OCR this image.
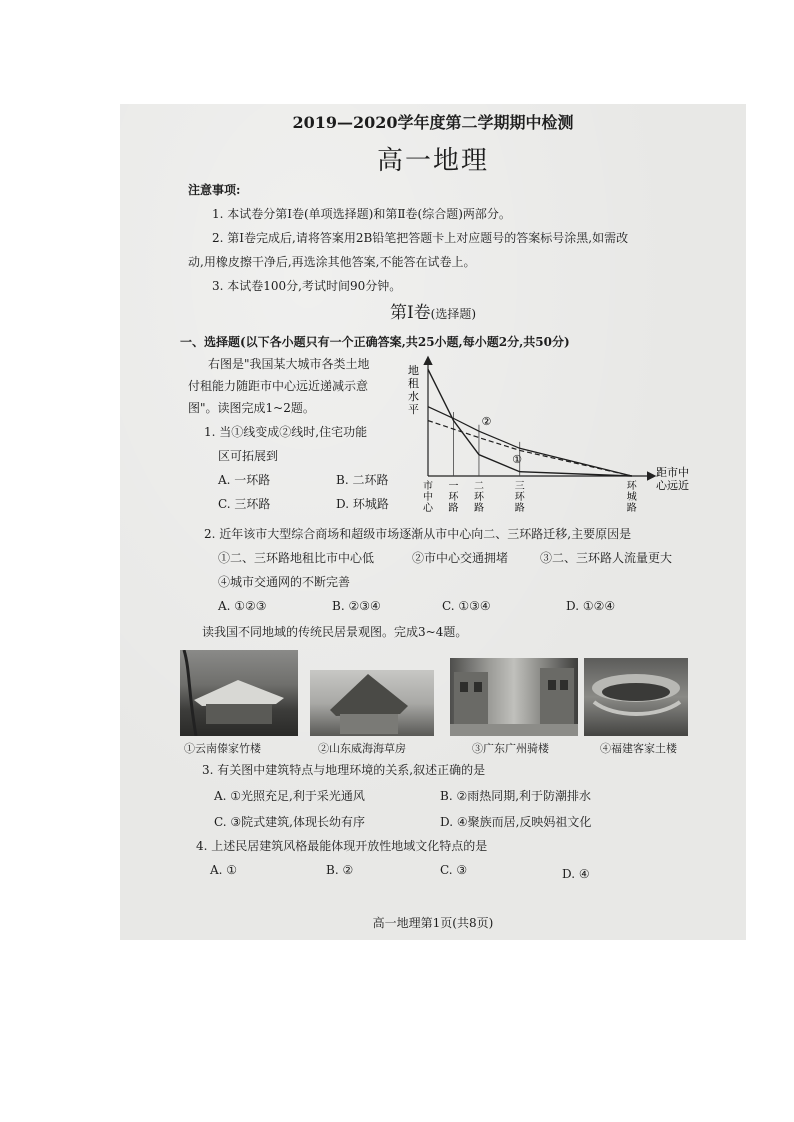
2019—2020学年度第二学期期中检测
高一地理
注意事项:
1. 本试卷分第Ⅰ卷(单项选择题)和第Ⅱ卷(综合题)两部分。
2. 第Ⅰ卷完成后,请将答案用2B铅笔把答题卡上对应题号的答案标号涂黑,如需改
动,用橡皮擦干净后,再选涂其他答案,不能答在试卷上。
3. 本试卷100分,考试时间90分钟。
第Ⅰ卷(选择题)
一、选择题(以下各小题只有一个正确答案,共25小题,每小题2分,共50分)
右图是"我国某大城市各类土地
付租能力随距市中心远近递减示意
图"。读图完成1~2题。
1. 当①线变成②线时,住宅功能
区可拓展到
A. 一环路	B. 二环路
C. 三环路	D. 环城路
地
租
水
平
市
中
心
一
环
路
二
环
路
三
环
路
环
城
路
①
②
距市中
心远近
2. 近年该市大型综合商场和超级市场逐渐从市中心向二、三环路迁移,主要原因是
①二、三环路地租比市中心低	②市中心交通拥堵	③二、三环路人流量更大
④城市交通网的不断完善
A. ①②③	B. ②③④	C. ①③④	D. ①②④
读我国不同地域的传统民居景观图。完成3~4题。
①云南傣家竹楼	②山东威海海草房	③广东广州骑楼	④福建客家土楼
3. 有关图中建筑特点与地理环境的关系,叙述正确的是
A. ①光照充足,利于采光通风	B. ②雨热同期,利于防潮排水
C. ③院式建筑,体现长幼有序	D. ④聚族而居,反映妈祖文化
4. 上述民居建筑风格最能体现开放性地域文化特点的是
A. ①	B. ②	C. ③	D. ④
高一地理第1页(共8页)
